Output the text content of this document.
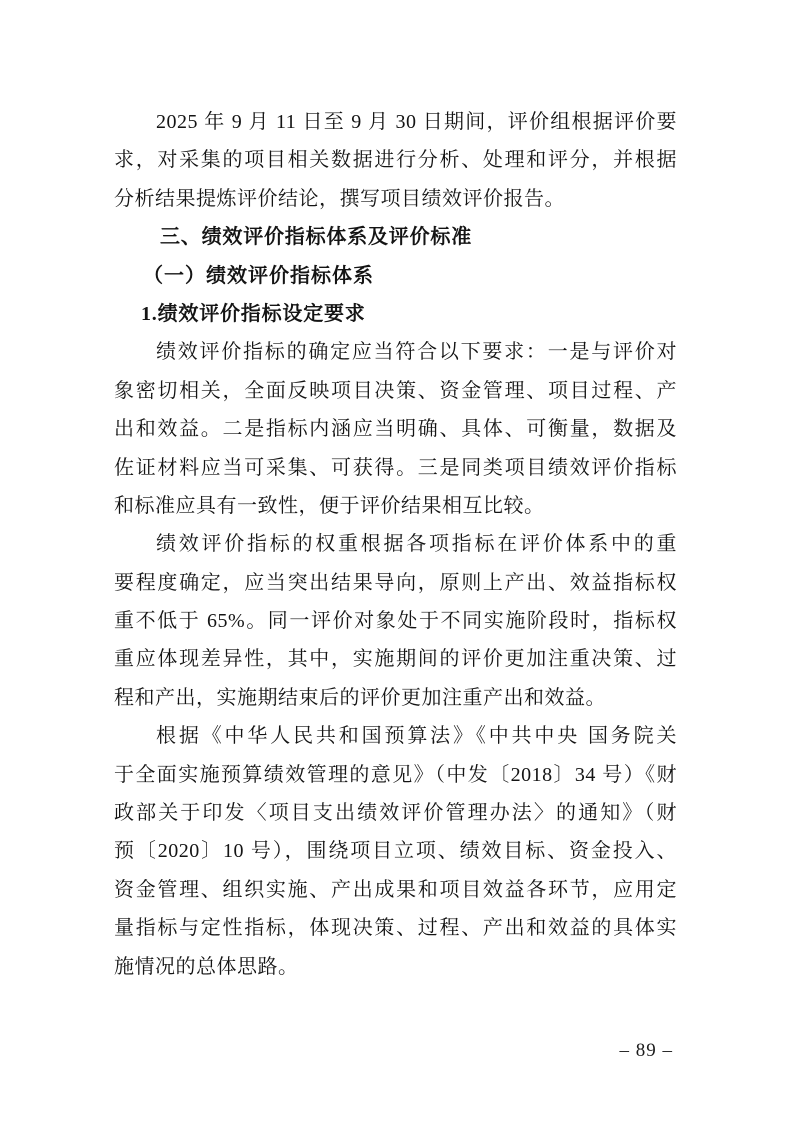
2025 年 9 月 11 日至 9 月 30 日期间，评价组根据评价要
求，对采集的项目相关数据进行分析、处理和评分，并根据
分析结果提炼评价结论，撰写项目绩效评价报告。
三、绩效评价指标体系及评价标准
（一）绩效评价指标体系
1.绩效评价指标设定要求
绩效评价指标的确定应当符合以下要求：一是与评价对
象密切相关，全面反映项目决策、资金管理、项目过程、产
出和效益。二是指标内涵应当明确、具体、可衡量，数据及
佐证材料应当可采集、可获得。三是同类项目绩效评价指标
和标准应具有一致性，便于评价结果相互比较。
绩效评价指标的权重根据各项指标在评价体系中的重
要程度确定，应当突出结果导向，原则上产出、效益指标权
重不低于 65%。同一评价对象处于不同实施阶段时，指标权
重应体现差异性，其中，实施期间的评价更加注重决策、过
程和产出，实施期结束后的评价更加注重产出和效益。
根据《中华人民共和国预算法》《中共中央 国务院关
于全面实施预算绩效管理的意见》（中发〔2018〕34 号）《财
政部关于印发〈项目支出绩效评价管理办法〉的通知》（财
预〔2020〕10 号），围绕项目立项、绩效目标、资金投入、
资金管理、组织实施、产出成果和项目效益各环节，应用定
量指标与定性指标，体现决策、过程、产出和效益的具体实
施情况的总体思路。
– 89 –
